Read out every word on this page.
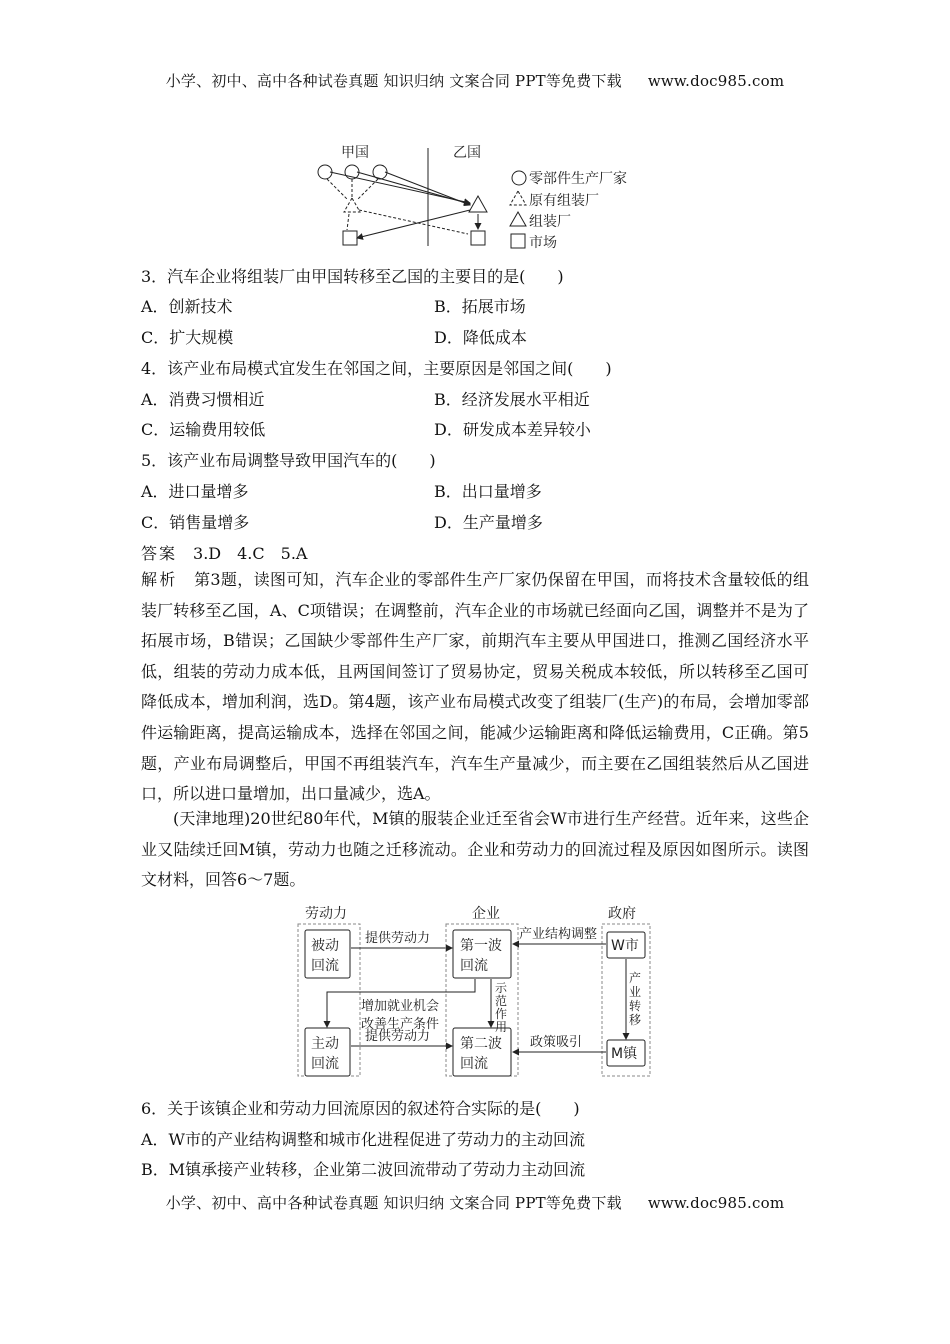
小学、初中、高中各种试卷真题 知识归纳 文案合同 PPT等免费下载 www.doc985.com
甲国	乙国
零部件生产厂家
原有组装厂
组装厂
市场
3．汽车企业将组装厂由甲国转移至乙国的主要目的是(　　)
A．创新技术	B．拓展市场
C．扩大规模	D．降低成本
4．该产业布局模式宜发生在邻国之间，主要原因是邻国之间(　　)
A．消费习惯相近	B．经济发展水平相近
C．运输费用较低	D．研发成本差异较小
5．该产业布局调整导致甲国汽车的(　　)
A．进口量增多	B．出口量增多
C．销售量增多	D．生产量增多
答案　 3.D　4.C　5.A
解析　 第3题，读图可知，汽车企业的零部件生产厂家仍保留在甲国，而将技术含量较低的组装厂转移至乙国，A、C项错误；在调整前，汽车企业的市场就已经面向乙国，调整并不是为了拓展市场，B错误；乙国缺少零部件生产厂家，前期汽车主要从甲国进口，推测乙国经济水平低，组装的劳动力成本低，且两国间签订了贸易协定，贸易关税成本较低，所以转移至乙国可降低成本，增加利润，选D。第4题，该产业布局模式改变了组装厂(生产)的布局，会增加零部件运输距离，提高运输成本，选择在邻国之间，能减少运输距离和降低运输费用，C正确。第5题，产业布局调整后，甲国不再组装汽车，汽车生产量减少，而主要在乙国组装然后从乙国进口，所以进口量增加，出口量减少，选A。
(天津地理)20世纪80年代，M镇的服装企业迁至省会W市进行生产经营。近年来，这些企业又陆续迁回M镇，劳动力也随之迁移流动。企业和劳动力的回流过程及原因如图所示。读图文材料，回答6～7题。
劳动力	企业	政府
被动
回流
主动
回流
第一波
回流
第二波
回流
W市
M镇
提供劳动力
提供劳动力
增加就业机会
改善生产条件
示
范
作
用
产业结构调整
产
业
转
移
政策吸引
6．关于该镇企业和劳动力回流原因的叙述符合实际的是(　　)
A．W市的产业结构调整和城市化进程促进了劳动力的主动回流
B．M镇承接产业转移，企业第二波回流带动了劳动力主动回流
小学、初中、高中各种试卷真题 知识归纳 文案合同 PPT等免费下载 www.doc985.com
